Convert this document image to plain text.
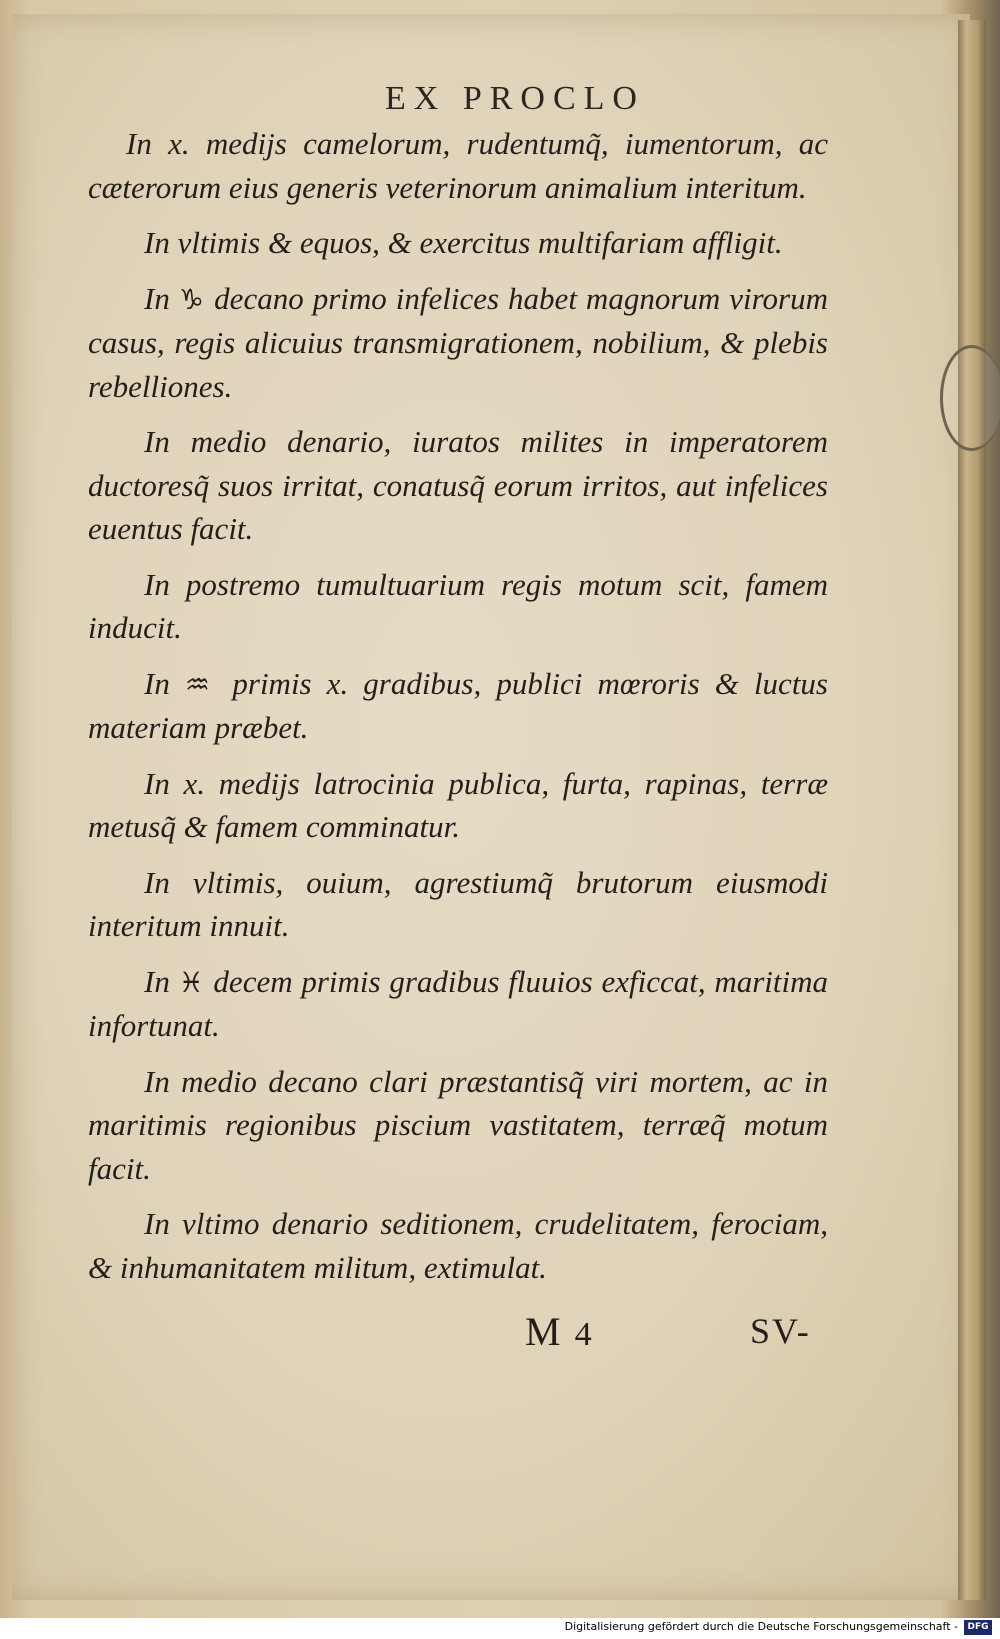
EX PROCLO

In x. medijs camelorum, rudentumq̃, iumentorum, ac cæterorum eius generis veterinorum animalium interitum.

In vltimis & equos, & exercitus multifariam affligit.

In ♑ decano primo infelices habet magnorum virorum casus, regis alicuius transmigrationem, nobilium, & plebis rebelliones.

In medio denario, iuratos milites in imperatorem ductoresq̃ suos irritat, conatusq̃ eorum irritos, aut infelices euentus facit.

In postremo tumultuarium regis motum scit, famem inducit.

In ♒ primis x. gradibus, publici mœroris & luctus materiam præbet.

In x. medijs latrocinia publica, furta, rapinas, terræ metusq̃ & famem comminatur.

In vltimis, ouium, agrestiumq̃ brutorum eiusmodi interitum innuit.

In ♓ decem primis gradibus fluuios exficcat, maritima infortunat.

In medio decano clari præstantisq̃ viri mortem, ac in maritimis regionibus piscium vastitatem, terræq̃ motum facit.

In vltimo denario seditionem, crudelitatem, ferociam, & inhumanitatem militum, extimulat.

M 4	SV-
Digitalisierung gefördert durch die Deutsche Forschungsgemeinschaft -	DFG
